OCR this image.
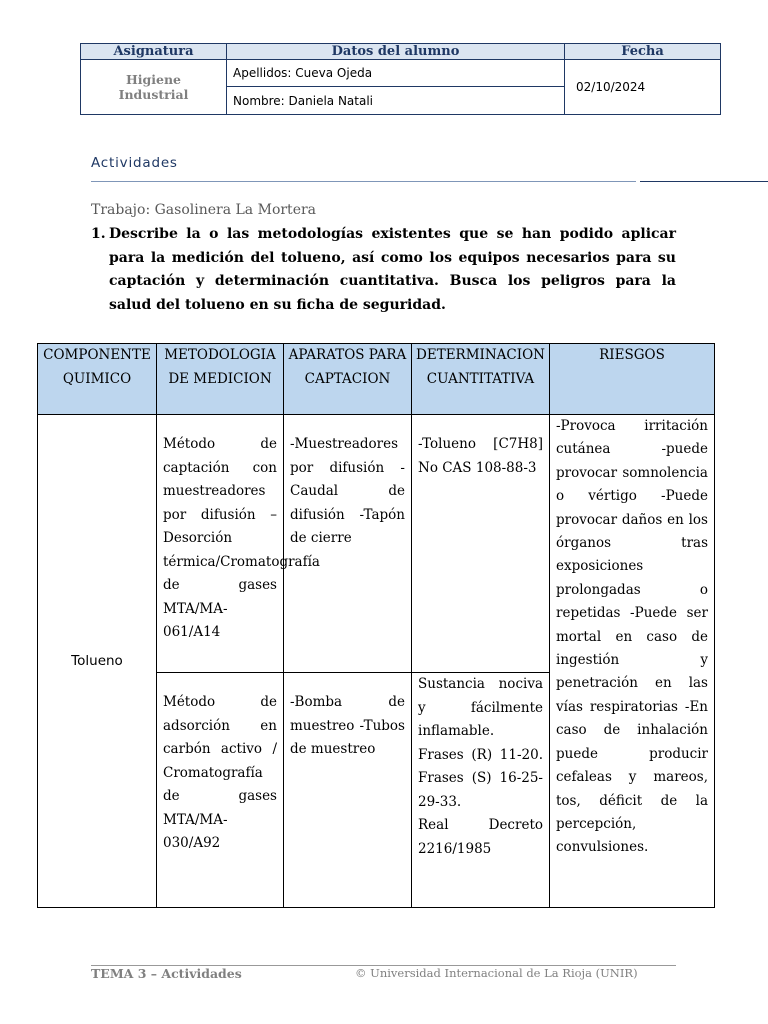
Asignatura	Datos del alumno	Fecha

Higiene Industrial	Apellidos: Cueva Ojeda	02/10/2024
	Nombre: Daniela Natali	
Actividades
Trabajo: Gasolinera La Mortera
1. Describe la o las metodologías existentes que se han podido aplicar para la medición del tolueno, así como los equipos necesarios para su captación y determinación cuantitativa. Busca los peligros para la salud del tolueno en su ficha de seguridad.
COMPONENTE QUIMICO	METODOLOGIA DE MEDICION	APARATOS PARA CAPTACION	DETERMINACION CUANTITATIVA	RIESGOS
Tolueno	Método de captación con muestreadores por difusión – Desorción térmica/Cromatografía de gases MTA/MA-061/A14	-Muestreadores por difusión -Caudal de difusión -Tapón de cierre	-Tolueno [C7H8] No CAS 108-88-3	-Provoca irritación cutánea -puede provocar somnolencia o vértigo -Puede provocar daños en los órganos tras exposiciones prolongadas o repetidas -Puede ser mortal en caso de ingestión y penetración en las vías respiratorias -En caso de inhalación puede producir cefaleas y mareos, tos, déficit de la percepción, convulsiones.

	Método de adsorción en carbón activo / Cromatografía de gases MTA/MA-030/A92	-Bomba de muestreo -Tubos de muestreo	Sustancia nociva y fácilmente inflamable.
Frases (R) 11-20. Frases (S) 16-25-29-33.
Real Decreto 2216/1985	
TEMA 3 – Actividades	© Universidad Internacional de La Rioja (UNIR)
